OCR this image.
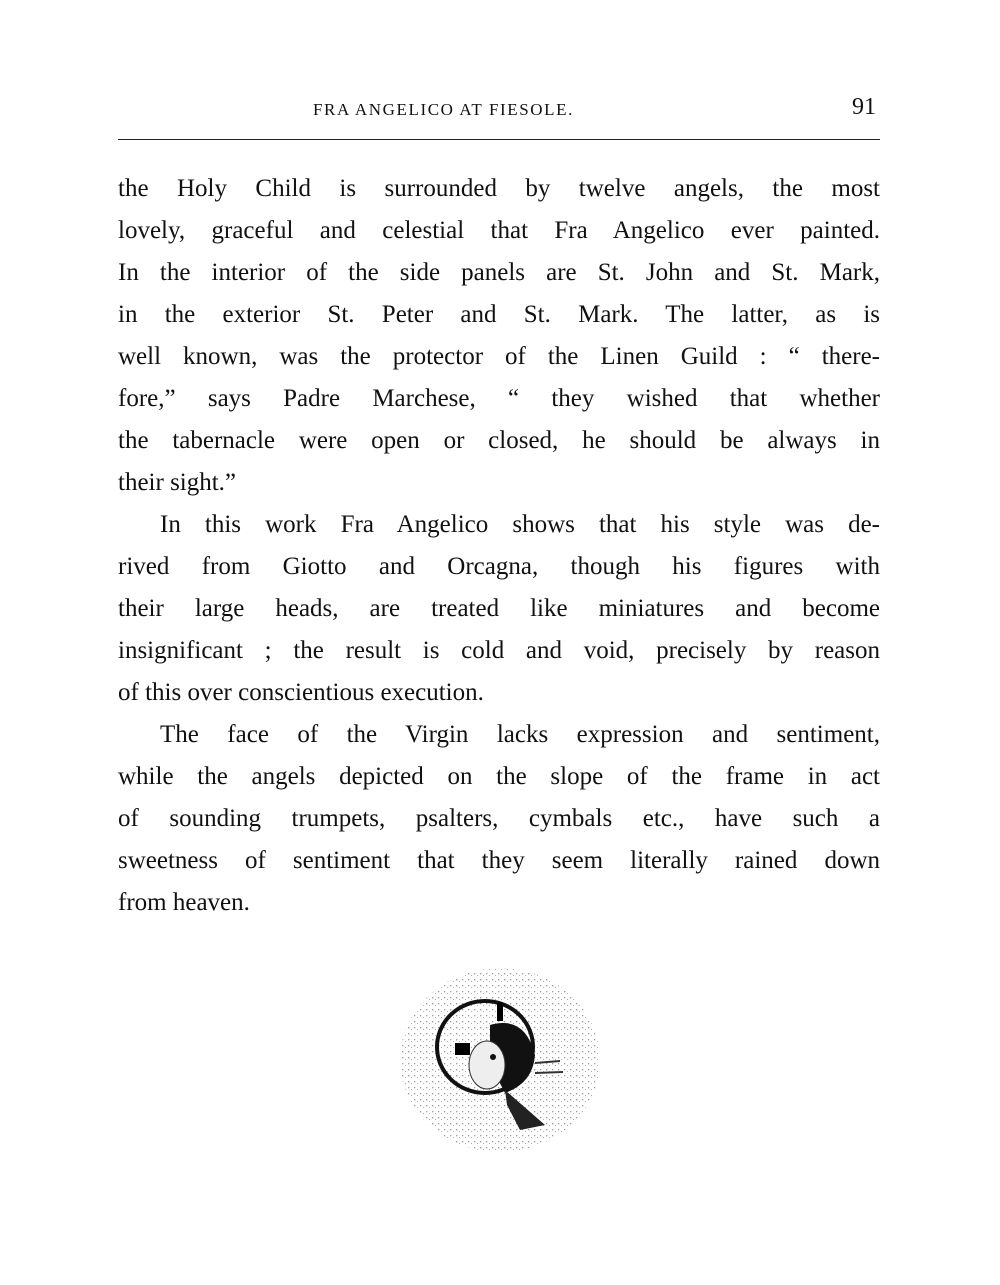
FRA ANGELICO AT FIESOLE.	91
the Holy Child is surrounded by twelve angels, the most
lovely, graceful and celestial that Fra Angelico ever painted.
In the interior of the side panels are St. John and St. Mark,
in the exterior St. Peter and St. Mark. The latter, as is
well known, was the protector of the Linen Guild : “ there-
fore,” says Padre Marchese, “ they wished that whether
the tabernacle were open or closed, he should be always in
their sight.”
In this work Fra Angelico shows that his style was de-
rived from Giotto and Orcagna, though his figures with
their large heads, are treated like miniatures and become
insignificant ; the result is cold and void, precisely by reason
of this over conscientious execution.
The face of the Virgin lacks expression and sentiment,
while the angels depicted on the slope of the frame in act
of sounding trumpets, psalters, cymbals etc., have such a
sweetness of sentiment that they seem literally rained down
from heaven.
